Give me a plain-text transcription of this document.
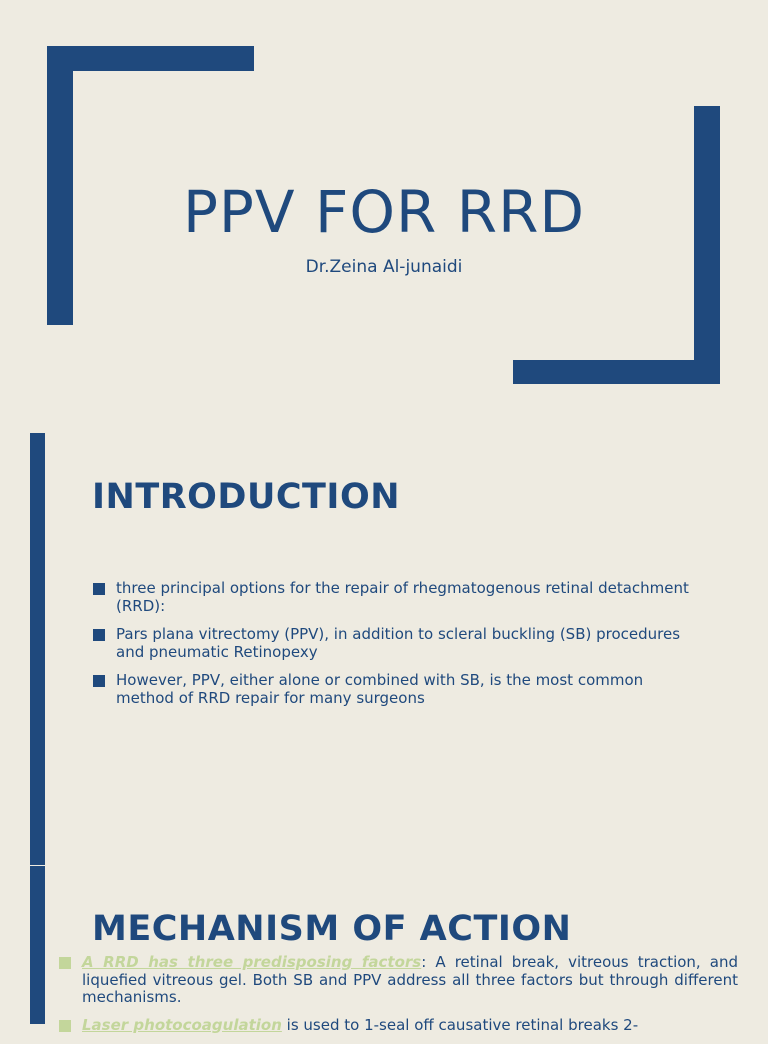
PPV FOR RRD
Dr.Zeina Al-junaidi
INTRODUCTION
three principal options for the repair of rhegmatogenous retinal detachment (RRD):
Pars plana vitrectomy (PPV), in addition to scleral buckling (SB) procedures and pneumatic Retinopexy
However, PPV, either alone or combined with SB, is the most common method of RRD repair for many surgeons
MECHANISM OF ACTION
A RRD has three predisposing factors: A retinal break, vitreous traction, and liquefied vitreous gel. Both SB and PPV address all three factors but through different mechanisms.
Laser photocoagulation is used to 1-seal off causative retinal breaks 2-
